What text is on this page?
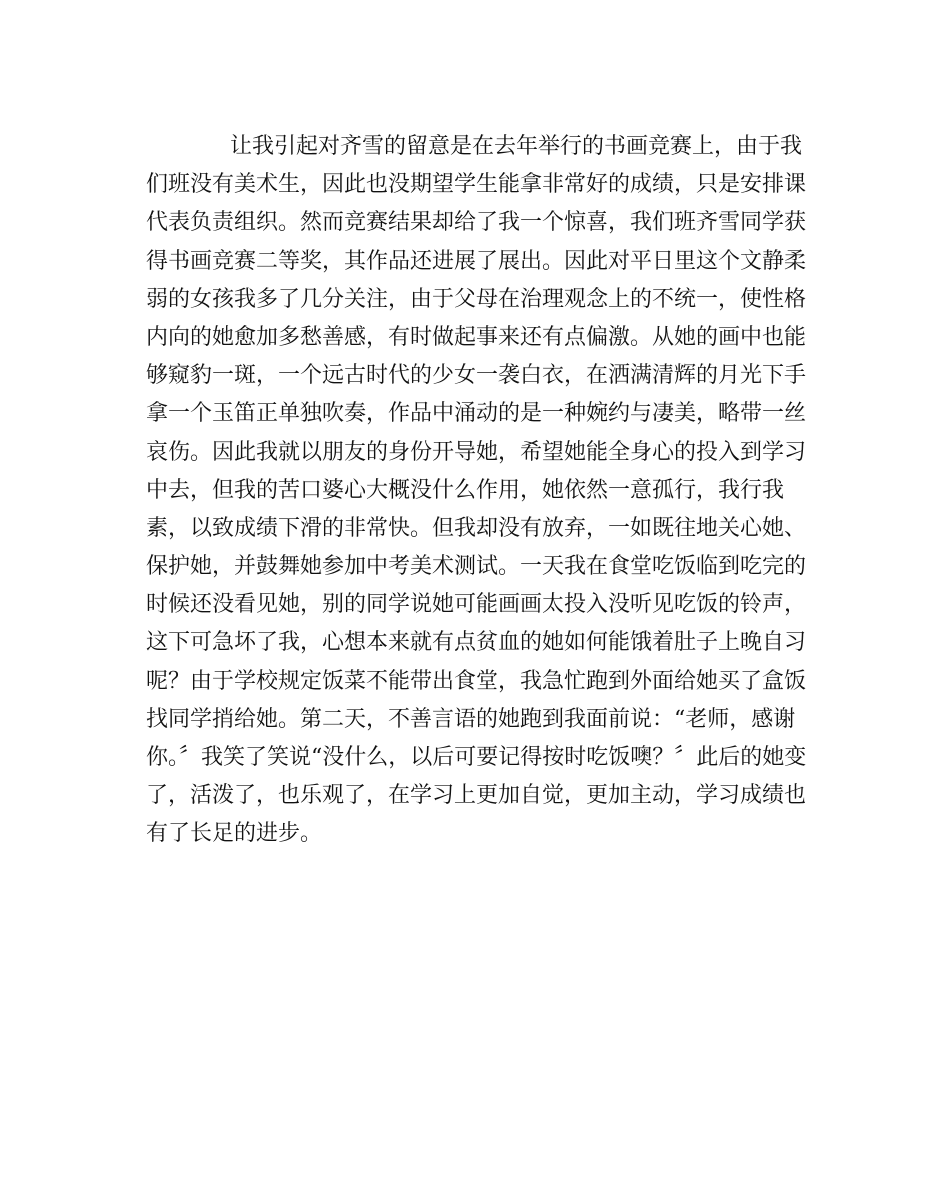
让我引起对齐雪的留意是在去年举行的书画竞赛上，由于我
们班没有美术生，因此也没期望学生能拿非常好的成绩，只是安排课
代表负责组织。然而竞赛结果却给了我一个惊喜，我们班齐雪同学获
得书画竞赛二等奖，其作品还进展了展出。因此对平日里这个文静柔
弱的女孩我多了几分关注，由于父母在治理观念上的不统一，使性格
内向的她愈加多愁善感，有时做起事来还有点偏激。从她的画中也能
够窥豹一斑，一个远古时代的少女一袭白衣，在洒满清辉的月光下手
拿一个玉笛正单独吹奏，作品中涌动的是一种婉约与凄美，略带一丝
哀伤。因此我就以朋友的身份开导她，希望她能全身心的投入到学习
中去，但我的苦口婆心大概没什么作用，她依然一意孤行，我行我
素，以致成绩下滑的非常快。但我却没有放弃，一如既往地关心她、
保护她，并鼓舞她参加中考美术测试。一天我在食堂吃饭临到吃完的
时候还没看见她，别的同学说她可能画画太投入没听见吃饭的铃声，
这下可急坏了我，心想本来就有点贫血的她如何能饿着肚子上晚自习
呢？由于学校规定饭菜不能带出食堂，我急忙跑到外面给她买了盒饭
找同学捎给她。第二天，不善言语的她跑到我面前说：“老师，感谢
你。〞我笑了笑说“没什么，以后可要记得按时吃饭噢？〞此后的她变
了，活泼了，也乐观了，在学习上更加自觉，更加主动，学习成绩也
有了长足的进步。
